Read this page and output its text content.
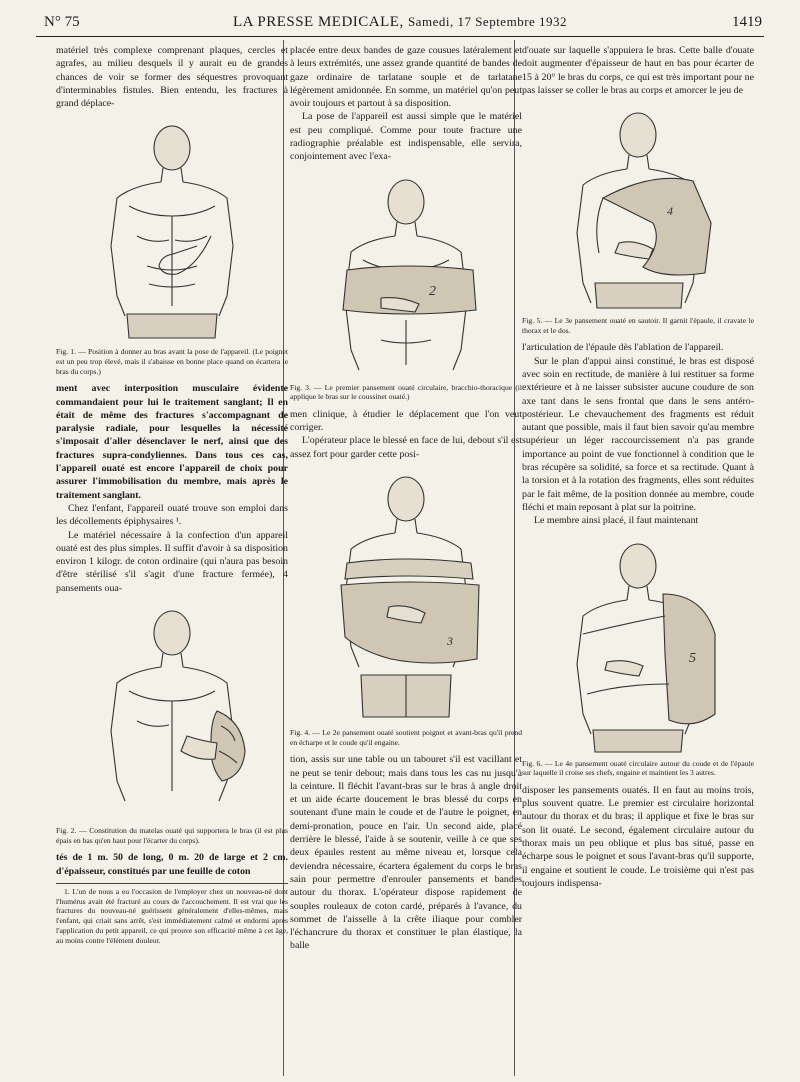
N° 75	LA PRESSE MEDICALE, Samedi, 17 Septembre 1932	1419

matériel très complexe comprenant plaques, cercles et agrafes, au milieu desquels il y aurait eu de grandes chances de voir se former des séquestres provoquant d'interminables fistules. Bien entendu, les fractures à grand déplace-

Fig. 1. — Position à donner au bras avant la pose de l'appareil. (Le poignet est un peu trop élevé, mais il s'abaisse en bonne place quand on écartera le bras du corps.)

ment avec interposition musculaire évidente commandaient pour lui le traitement sanglant; Il en était de même des fractures s'accompagnant de paralysie radiale, pour lesquelles la nécessité s'imposait d'aller désenclaver le nerf, ainsi que des fractures supra-condyliennes. Dans tous ces cas, l'appareil ouaté est encore l'appareil de choix pour assurer l'immobilisation du membre, mais après le traitement sanglant.

Chez l'enfant, l'appareil ouaté trouve son emploi dans les décollements épiphysaires ¹.

Le matériel nécessaire à la confection d'un appareil ouaté est des plus simples. Il suffit d'avoir à sa disposition environ 1 kilogr. de coton ordinaire (qui n'aura pas besoin d'être stérilisé s'il s'agit d'une fracture fermée), 4 pansements oua-

Fig. 2. — Constitution du matelas ouaté qui supportera le bras (il est plus épais en bas qu'en haut pour l'écarter du corps).

tés de 1 m. 50 de long, 0 m. 20 de large et 2 cm. d'épaisseur, constitués par une feuille de coton

1. L'un de nous a eu l'occasion de l'employer chez un nouveau-né dont l'humérus avait été fracturé au cours de l'accouchement. Il est vrai que les fractures du nouveau-né guérissent généralement d'elles-mêmes, mais l'enfant, qui criait sans arrêt, s'est immédiatement calmé et endormi après l'application du petit appareil, ce qui prouve son efficacité même à cet âge, au moins contre l'élément douleur.

placée entre deux bandes de gaze cousues latéralement et à leurs extrémités, une assez grande quantité de bandes de gaze ordinaire de tarlatane souple et de tarlatane légèrement amidonnée. En somme, un matériel qu'on peut avoir toujours et partout à sa disposition.

La pose de l'appareil est aussi simple que le matériel est peu compliqué. Comme pour toute fracture une radiographie préalable est indispensable, elle servira, conjointement avec l'exa-

2

Fig. 3. — Le premier pansement ouaté circulaire, bracchio-thoracique (il applique le bras sur le coussinet ouaté.)

men clinique, à étudier le déplacement que l'on veut corriger.

L'opérateur place le blessé en face de lui, debout s'il est assez fort pour garder cette posi-

3

Fig. 4. — Le 2e pansement ouaté soutient poignet et avant-bras qu'il prend en écharpe et le coude qu'il engaine.

tion, assis sur une table ou un tabouret s'il est vacillant et ne peut se tenir debout; mais dans tous les cas nu jusqu'à la ceinture. Il fléchit l'avant-bras sur le bras à angle droit et un aide écarte doucement le bras blessé du corps en soutenant d'une main le coude et de l'autre le poignet, en demi-pronation, pouce en l'air. Un second aide, placé derrière le blessé, l'aide à se soutenir, veille à ce que ses deux épaules restent au même niveau et, lorsque cela deviendra nécessaire, écartera également du corps le bras sain pour permettre d'enrouler pansements et bandes autour du thorax. L'opérateur dispose rapidement de souples rouleaux de coton cardé, préparés à l'avance, du sommet de l'aisselle à la crête iliaque pour combler l'échancrure du thorax et constituer le plan élastique, la balle

d'ouate sur laquelle s'appuiera le bras. Cette balle d'ouate doit augmenter d'épaisseur de haut en bas pour écarter de 15 à 20° le bras du corps, ce qui est très important pour ne pas laisser se coller le bras au corps et amorcer le jeu de

4

Fig. 5. — Le 3e pansement ouaté en sautoir. Il garnit l'épaule, il cravate le thorax et le dos.

l'articulation de l'épaule dès l'ablation de l'appareil.

Sur le plan d'appui ainsi constitué, le bras est disposé avec soin en rectitude, de manière à lui restituer sa forme extérieure et à ne laisser subsister aucune coudure de son axe tant dans le sens frontal que dans le sens antéro-postérieur. Le chevauchement des fragments est réduit autant que possible, mais il faut bien savoir qu'au membre supérieur un léger raccourcissement n'a pas grande importance au point de vue fonctionnel à condition que le bras récupère sa solidité, sa force et sa rectitude. Quant à la torsion et à la rotation des fragments, elles sont réduites par le fait même, de la position donnée au membre, coude fléchi et main reposant à plat sur la poitrine.

Le membre ainsi placé, il faut maintenant

5

Fig. 6. — Le 4e pansement ouaté circulaire autour du coude et de l'épaule sur laquelle il croise ses chefs, engaine et maintient les 3 autres.

disposer les pansements ouatés. Il en faut au moins trois, plus souvent quatre. Le premier est circulaire horizontal autour du thorax et du bras; il applique et fixe le bras sur son lit ouaté. Le second, également circulaire autour du thorax mais un peu oblique et plus bas situé, passe en écharpe sous le poignet et sous l'avant-bras qu'il supporte, il engaine et soutient le coude. Le troisième qui n'est pas toujours indispensa-
